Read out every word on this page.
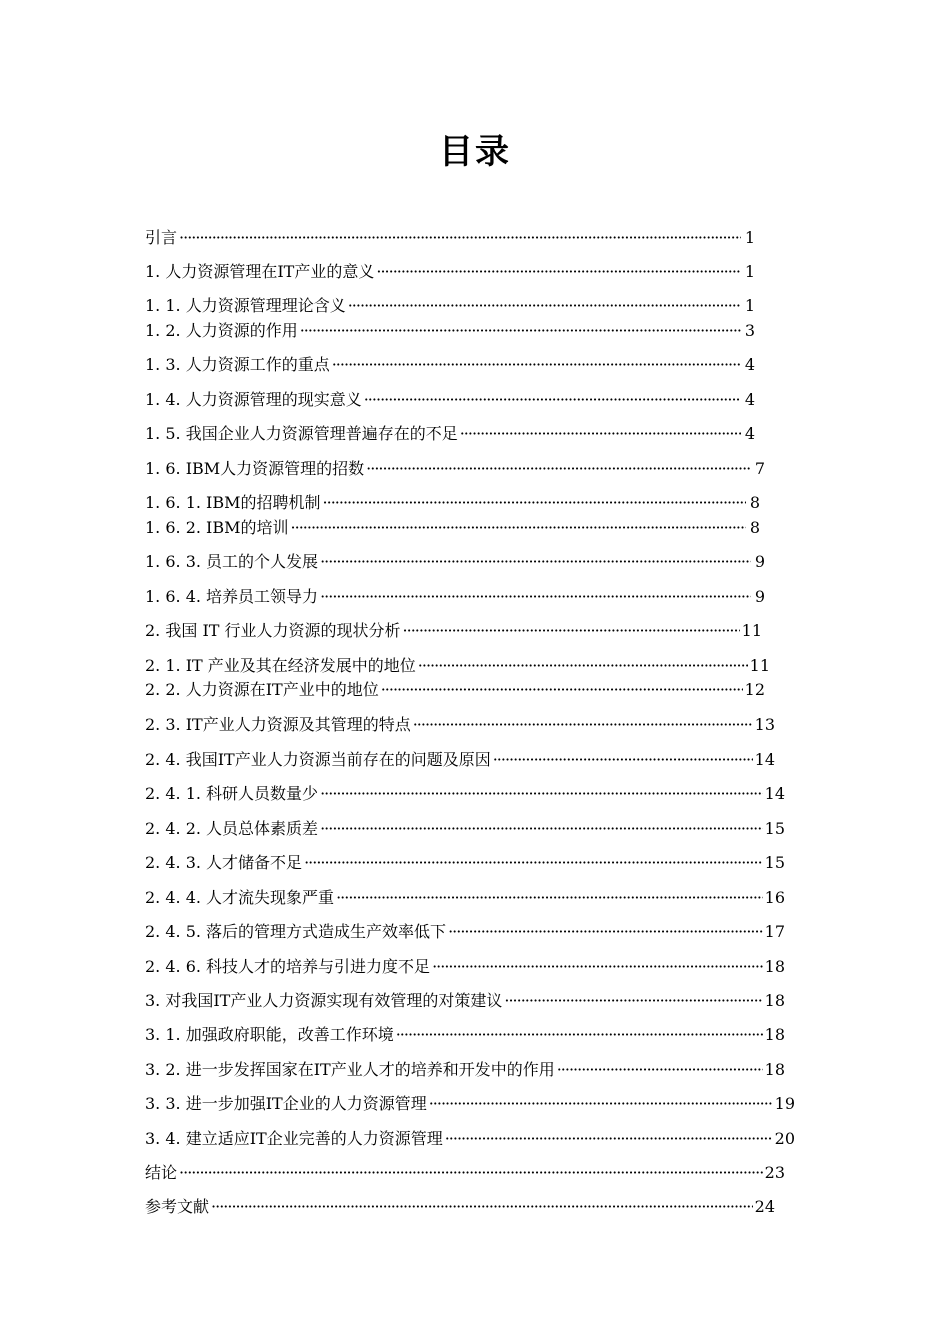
目录
引言 ·····	1
1. 人力资源管理在IT产业的意义 ·····	1
1. 1. 人力资源管理理论含义 ·····	1
1. 2. 人力资源的作用 ·····	3
1. 3. 人力资源工作的重点 ·····	4
1. 4. 人力资源管理的现实意义 ·····	4
1. 5. 我国企业人力资源管理普遍存在的不足 ·····	4
1. 6. IBM人力资源管理的招数 ·····	7
1. 6. 1. IBM的招聘机制 ·····	8
1. 6. 2. IBM的培训 ·····	8
1. 6. 3. 员工的个人发展 ·····	9
1. 6. 4. 培养员工领导力 ·····	9
2. 我国 IT 行业人力资源的现状分析 ·····	11
2. 1. IT 产业及其在经济发展中的地位 ·····	11
2. 2. 人力资源在IT产业中的地位 ·····	12
2. 3. IT产业人力资源及其管理的特点 ·····	13
2. 4. 我国IT产业人力资源当前存在的问题及原因 ·····	14
2. 4. 1. 科研人员数量少 ·····	14
2. 4. 2. 人员总体素质差 ·····	15
2. 4. 3. 人才储备不足 ·····	15
2. 4. 4. 人才流失现象严重 ·····	16
2. 4. 5. 落后的管理方式造成生产效率低下 ·····	17
2. 4. 6. 科技人才的培养与引进力度不足 ·····	18
3. 对我国IT产业人力资源实现有效管理的对策建议 ·····	18
3. 1. 加强政府职能，改善工作环境 ·····	18
3. 2. 进一步发挥国家在IT产业人才的培养和开发中的作用 ·····	18
3. 3. 进一步加强IT企业的人力资源管理 ·····	19
3. 4. 建立适应IT企业完善的人力资源管理 ·····	20
结论 ·····	23
参考文献 ·····	24
